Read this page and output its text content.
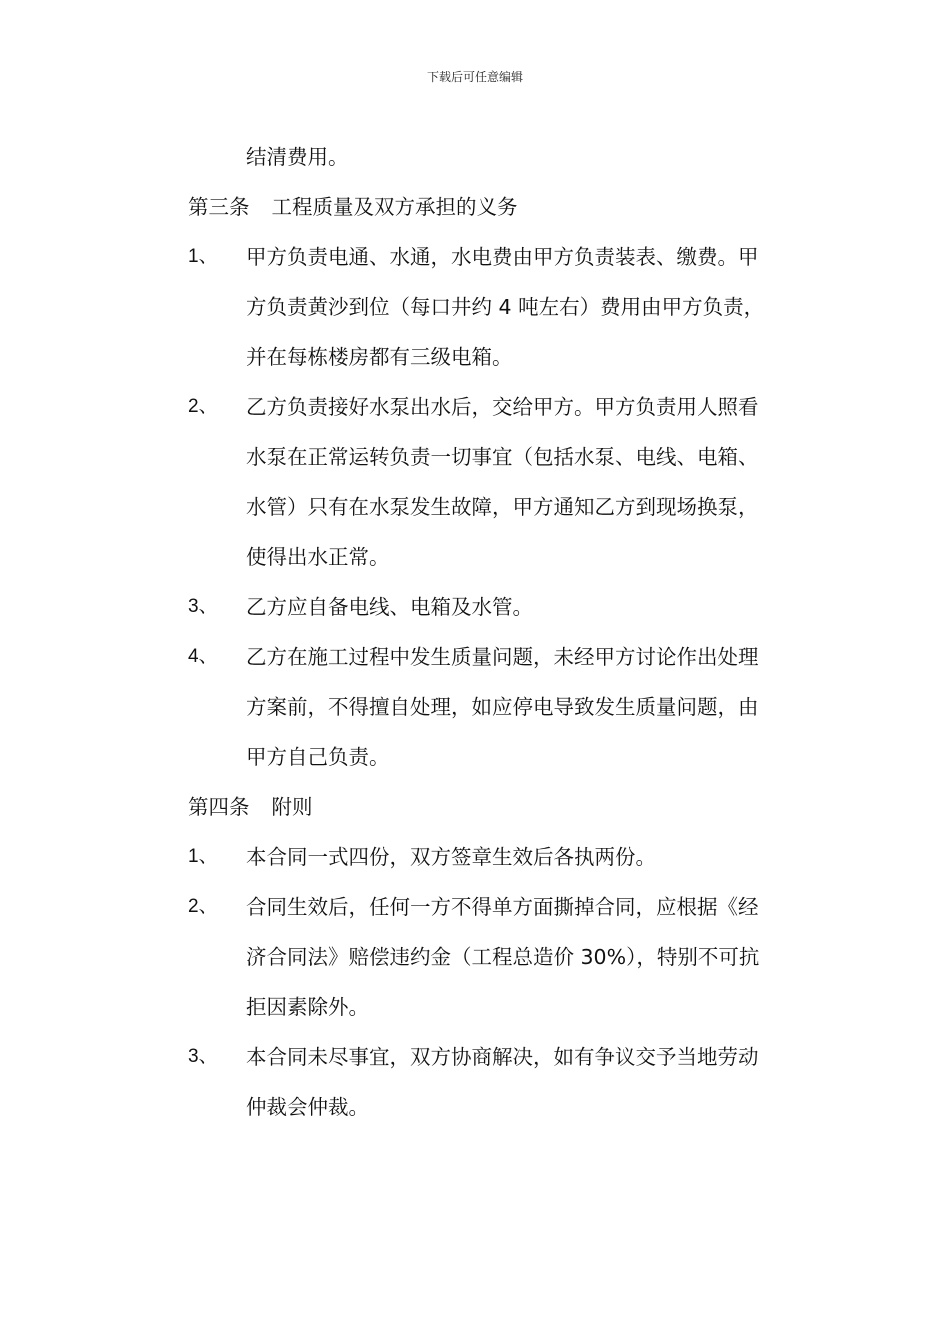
下载后可任意编辑
结清费用。
第三条 工程质量及双方承担的义务
1、	甲方负责电通、水通，水电费由甲方负责装表、缴费。甲
方负责黄沙到位（每口井约 4 吨左右）费用由甲方负责，
并在每栋楼房都有三级电箱。
2、	乙方负责接好水泵出水后，交给甲方。甲方负责用人照看
水泵在正常运转负责一切事宜（包括水泵、电线、电箱、
水管）只有在水泵发生故障，甲方通知乙方到现场换泵，
使得出水正常。
3、	乙方应自备电线、电箱及水管。
4、	乙方在施工过程中发生质量问题，未经甲方讨论作出处理
方案前，不得擅自处理，如应停电导致发生质量问题，由
甲方自己负责。
第四条 附则
1、	本合同一式四份，双方签章生效后各执两份。
2、	合同生效后，任何一方不得单方面撕掉合同，应根据《经
济合同法》赔偿违约金（工程总造价 30%），特别不可抗
拒因素除外。
3、	本合同未尽事宜，双方协商解决，如有争议交予当地劳动
仲裁会仲裁。
